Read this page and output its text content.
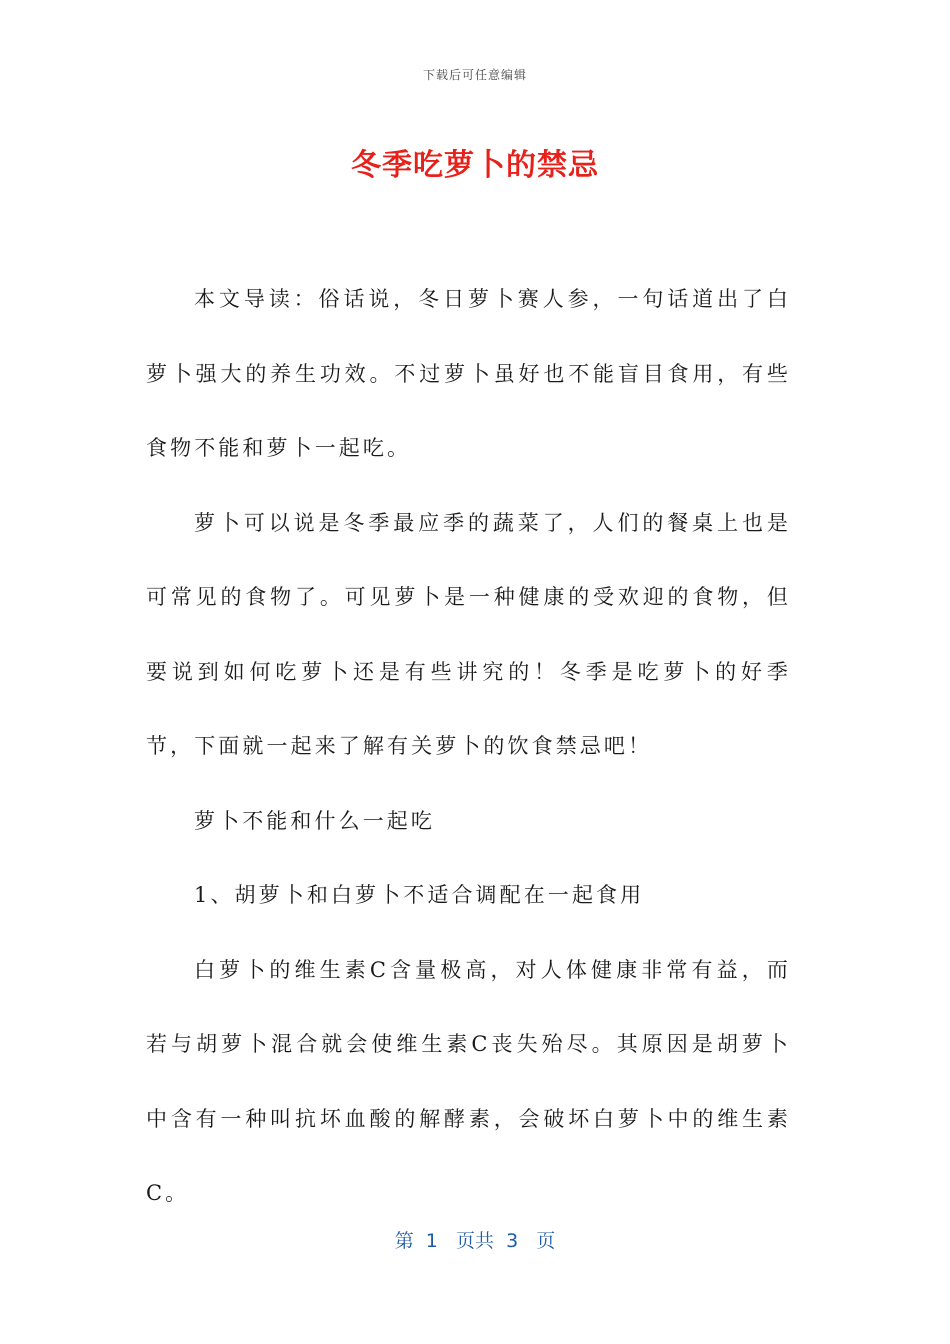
下载后可任意编辑
冬季吃萝卜的禁忌

本文导读：俗话说，冬日萝卜赛人参，一句话道出了白萝卜强大的养生功效。不过萝卜虽好也不能盲目食用，有些食物不能和萝卜一起吃。

萝卜可以说是冬季最应季的蔬菜了，人们的餐桌上也是可常见的食物了。可见萝卜是一种健康的受欢迎的食物，但要说到如何吃萝卜还是有些讲究的！冬季是吃萝卜的好季节，下面就一起来了解有关萝卜的饮食禁忌吧！

萝卜不能和什么一起吃

1、胡萝卜和白萝卜不适合调配在一起食用

白萝卜的维生素C含量极高，对人体健康非常有益，而若与胡萝卜混合就会使维生素C丧失殆尽。其原因是胡萝卜中含有一种叫抗坏血酸的解酵素，会破坏白萝卜中的维生素C。

第  1   页共  3   页
